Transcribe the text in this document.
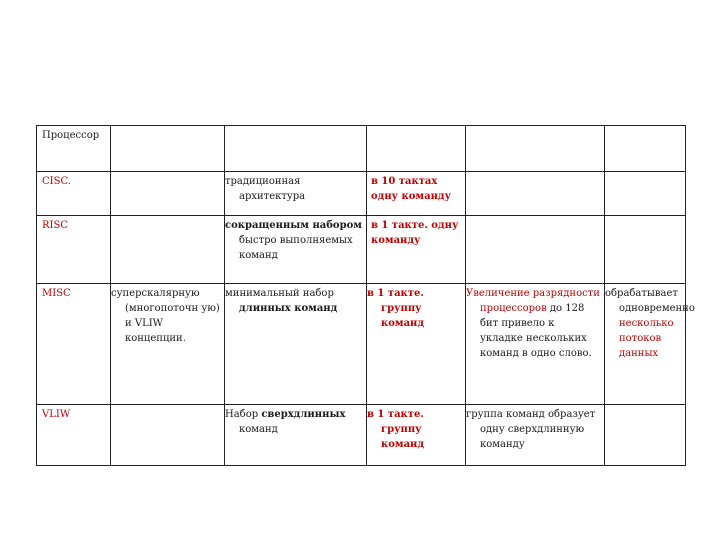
Процессор					
CISC.		традиционная архитектура	в 10 тактах одну команду		
RISC		сокращенным набором быстро выполняемых команд	в 1 такте. одну команду		
MISC	суперскалярную (многопоточн ую) и VLIW концепции.	минимальный набор длинных команд	в 1 такте. группу команд	Увеличение разрядности процессоров до 128 бит привело к укладке нескольких команд в одно слово.	обрабатывает одновременно несколько потоков данных
VLIW		Набор сверхдлинных команд	в 1 такте. группу команд	группа команд образует одну сверхдлинную команду	
